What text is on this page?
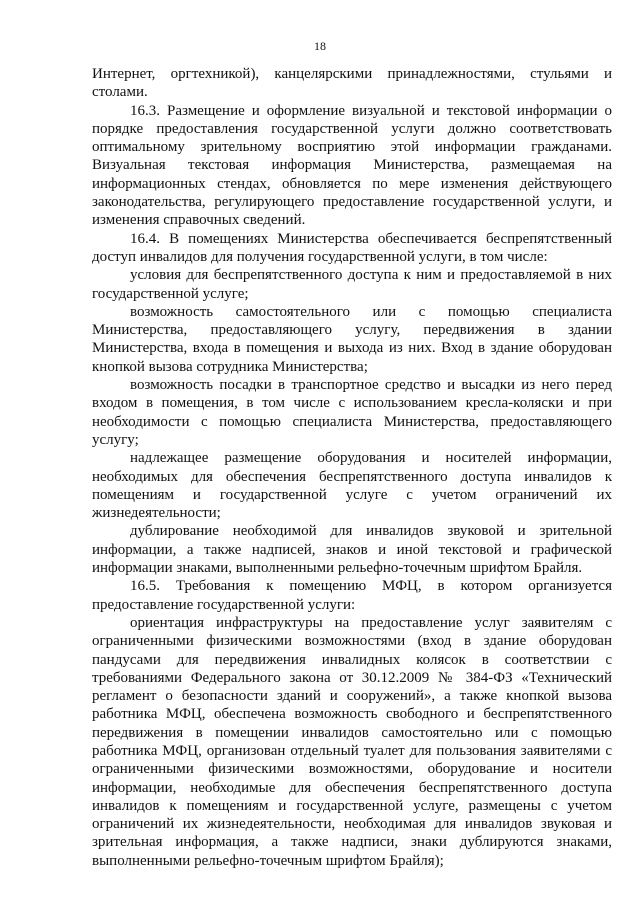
18

Интернет, оргтехникой), канцелярскими принадлежностями, стульями и столами.

16.3. Размещение и оформление визуальной и текстовой информации о порядке предоставления государственной услуги должно соответствовать оптимальному зрительному восприятию этой информации гражданами. Визуальная текстовая информация Министерства, размещаемая на информационных стендах, обновляется по мере изменения действующего законодательства, регулирующего предоставление государственной услуги, и изменения справочных сведений.

16.4. В помещениях Министерства обеспечивается беспрепятственный доступ инвалидов для получения государственной услуги, в том числе:

условия для беспрепятственного доступа к ним и предоставляемой в них государственной услуге;

возможность самостоятельного или с помощью специалиста Министерства, предоставляющего услугу, передвижения в здании Министерства, входа в помещения и выхода из них. Вход в здание оборудован кнопкой вызова сотрудника Министерства;

возможность посадки в транспортное средство и высадки из него перед входом в помещения, в том числе с использованием кресла-коляски и при необходимости с помощью специалиста Министерства, предоставляющего услугу;

надлежащее размещение оборудования и носителей информации, необходимых для обеспечения беспрепятственного доступа инвалидов к помещениям и государственной услуге с учетом ограничений их жизнедеятельности;

дублирование необходимой для инвалидов звуковой и зрительной информации, а также надписей, знаков и иной текстовой и графической информации знаками, выполненными рельефно-точечным шрифтом Брайля.

16.5. Требования к помещению МФЦ, в котором организуется предоставление государственной услуги:

ориентация инфраструктуры на предоставление услуг заявителям с ограниченными физическими возможностями (вход в здание оборудован пандусами для передвижения инвалидных колясок в соответствии с требованиями Федерального закона от 30.12.2009 № 384-ФЗ «Технический регламент о безопасности зданий и сооружений», а также кнопкой вызова работника МФЦ, обеспечена возможность свободного и беспрепятственного передвижения в помещении инвалидов самостоятельно или с помощью работника МФЦ, организован отдельный туалет для пользования заявителями с ограниченными физическими возможностями, оборудование и носители информации, необходимые для обеспечения беспрепятственного доступа инвалидов к помещениям и государственной услуге, размещены с учетом ограничений их жизнедеятельности, необходимая для инвалидов звуковая и зрительная информация, а также надписи, знаки дублируются знаками, выполненными рельефно-точечным шрифтом Брайля);
